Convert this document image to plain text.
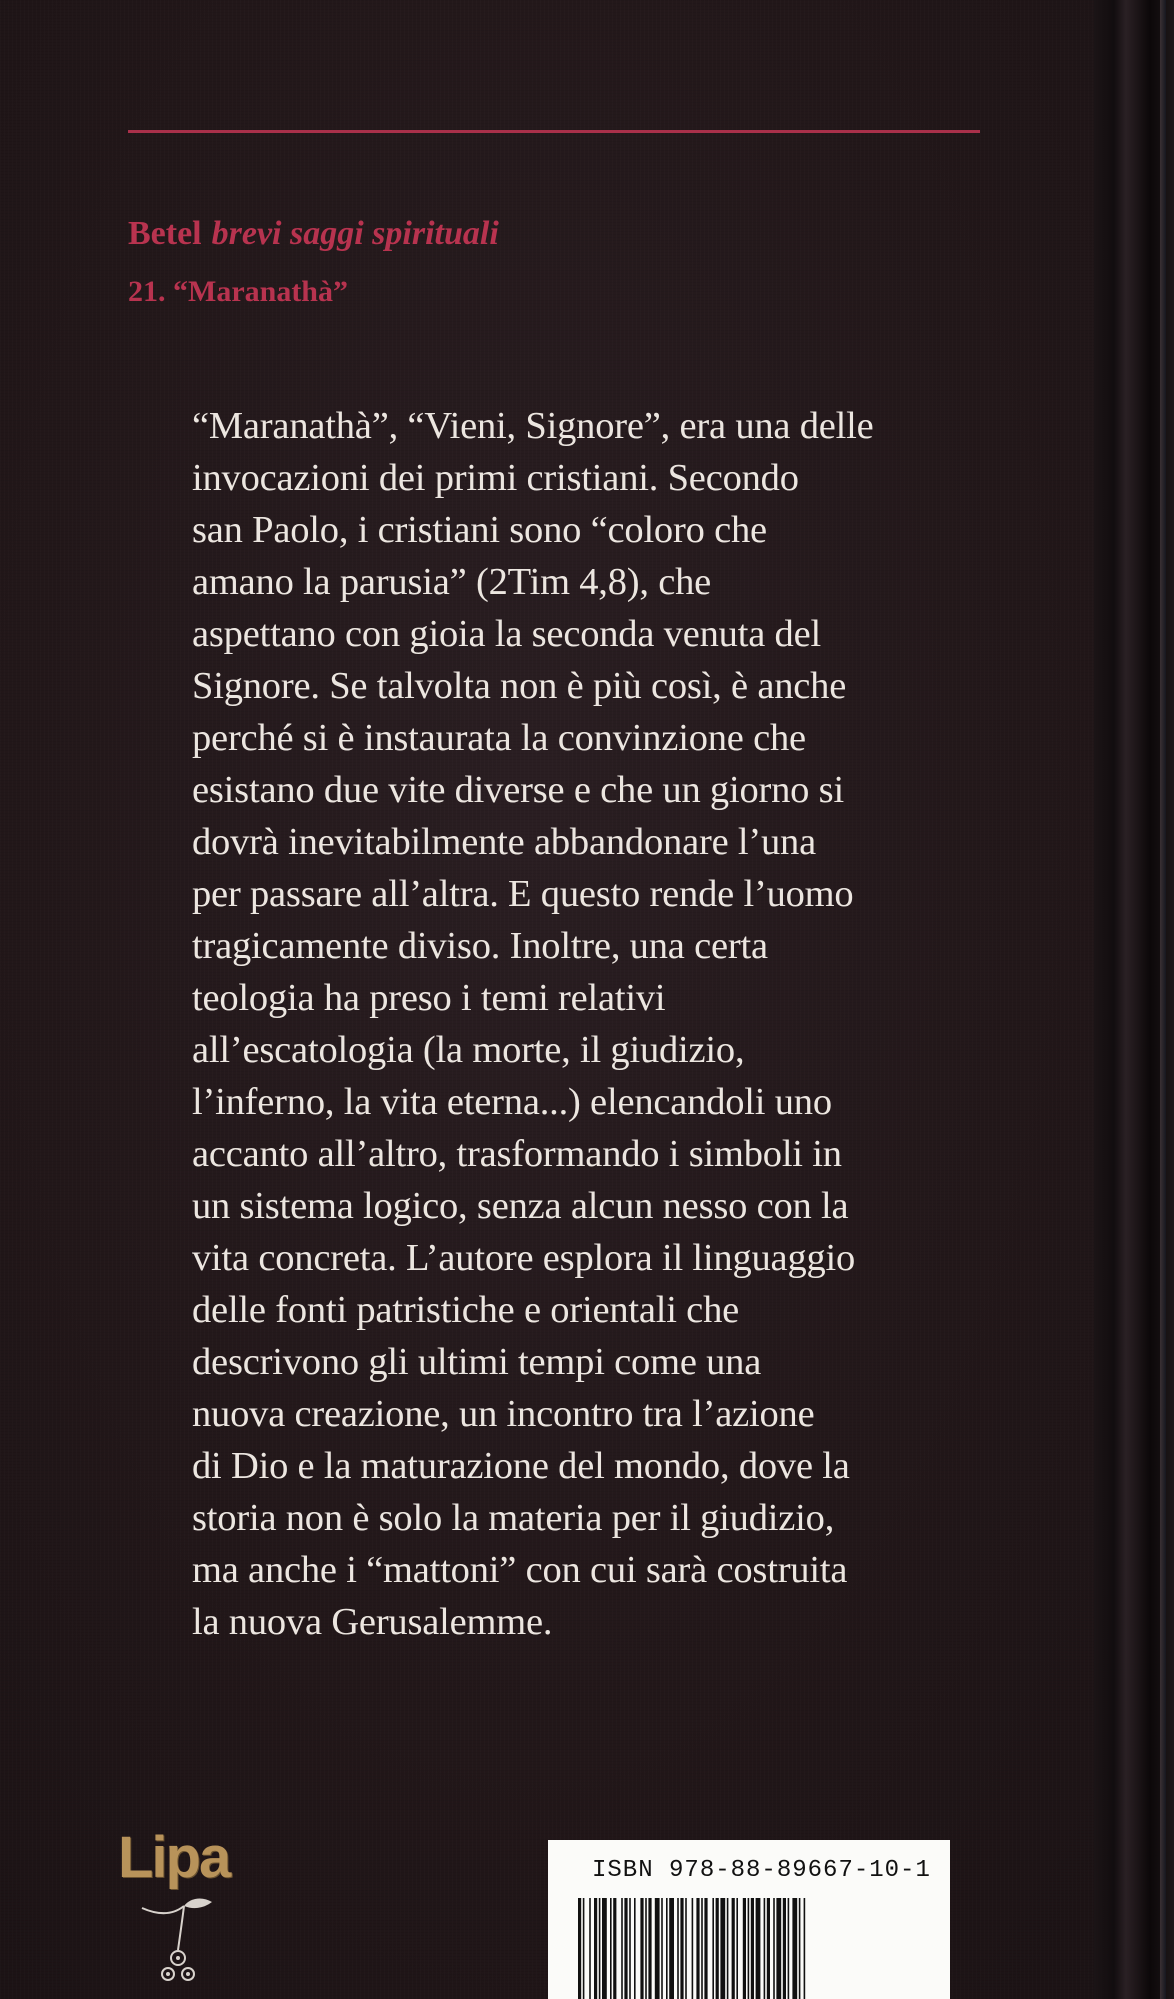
Betel brevi saggi spirituali
21. “Maranathà”
“Maranathà”, “Vieni, Signore”, era una delle
invocazioni dei primi cristiani. Secondo
san Paolo, i cristiani sono “coloro che
amano la parusia” (2Tim 4,8), che
aspettano con gioia la seconda venuta del
Signore. Se talvolta non è più così, è anche
perché si è instaurata la convinzione che
esistano due vite diverse e che un giorno si
dovrà inevitabilmente abbandonare l’una
per passare all’altra. E questo rende l’uomo
tragicamente diviso. Inoltre, una certa
teologia ha preso i temi relativi
all’escatologia (la morte, il giudizio,
l’inferno, la vita eterna...) elencandoli uno
accanto all’altro, trasformando i simboli in
un sistema logico, senza alcun nesso con la
vita concreta. L’autore esplora il linguaggio
delle fonti patristiche e orientali che
descrivono gli ultimi tempi come una
nuova creazione, un incontro tra l’azione
di Dio e la maturazione del mondo, dove la
storia non è solo la materia per il giudizio,
ma anche i “mattoni” con cui sarà costruita
la nuova Gerusalemme.
Lipa	ISBN 978-88-89667-10-1
